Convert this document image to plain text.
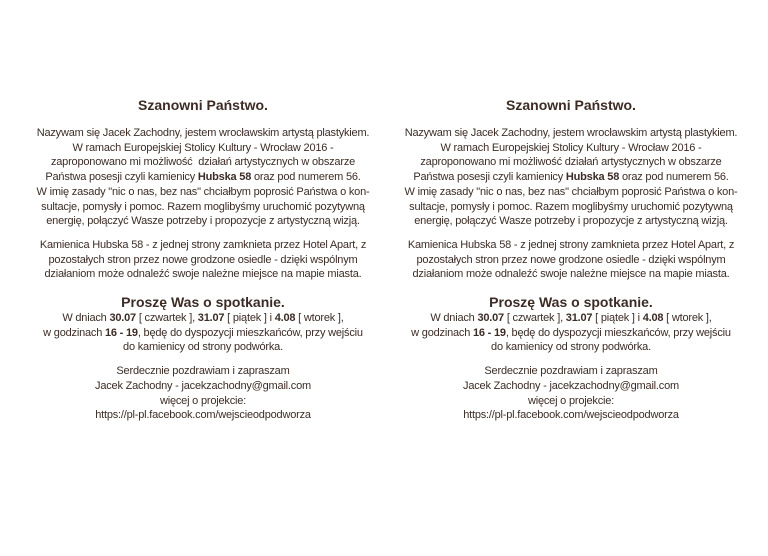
Szanowni Państwo.

Nazywam się Jacek Zachodny, jestem wrocławskim artystą plastykiem.
W ramach Europejskiej Stolicy Kultury - Wrocław 2016 -
zaproponowano mi możliwość  działań artystycznych w obszarze
Państwa posesji czyli kamienicy Hubska 58 oraz pod numerem 56.
W imię zasady "nic o nas, bez nas" chciałbym poprosić Państwa o kon-
sultacje, pomysły i pomoc. Razem moglibyśmy uruchomić pozytywną
energię, połączyć Wasze potrzeby i propozycje z artystyczną wizją.

Kamienica Hubska 58 - z jednej strony zamknieta przez Hotel Apart, z
pozostałych stron przez nowe grodzone osiedle - dzięki wspólnym
działaniom może odnaleźć swoje należne miejsce na mapie miasta.

Proszę Was o spotkanie.

W dniach 30.07 [ czwartek ], 31.07 [ piątek ] i 4.08 [ wtorek ],
w godzinach 16 - 19, będę do dyspozycji mieszkańców, przy wejściu
do kamienicy od strony podwórka.

Serdecznie pozdrawiam i zapraszam
Jacek Zachodny - jacekzachodny@gmail.com
więcej o projekcie:
https://pl-pl.facebook.com/wejscieodpodworza

Szanowni Państwo.

Nazywam się Jacek Zachodny, jestem wrocławskim artystą plastykiem.
W ramach Europejskiej Stolicy Kultury - Wrocław 2016 -
zaproponowano mi możliwość działań artystycznych w obszarze
Państwa posesji czyli kamienicy Hubska 58 oraz pod numerem 56.
W imię zasady "nic o nas, bez nas" chciałbym poprosić Państwa o kon-
sultacje, pomysły i pomoc. Razem moglibyśmy uruchomić pozytywną
energię, połączyć Wasze potrzeby i propozycje z artystyczną wizją.

Kamienica Hubska 58 - z jednej strony zamknieta przez Hotel Apart, z
pozostałych stron przez nowe grodzone osiedle - dzięki wspólnym
działaniom może odnaleźć swoje należne miejsce na mapie miasta.

Proszę Was o spotkanie.

W dniach 30.07 [ czwartek ], 31.07 [ piątek ] i 4.08 [ wtorek ],
w godzinach 16 - 19, będę do dyspozycji mieszkańców, przy wejściu
do kamienicy od strony podwórka.

Serdecznie pozdrawiam i zapraszam
Jacek Zachodny - jacekzachodny@gmail.com
więcej o projekcie:
https://pl-pl.facebook.com/wejscieodpodworza
